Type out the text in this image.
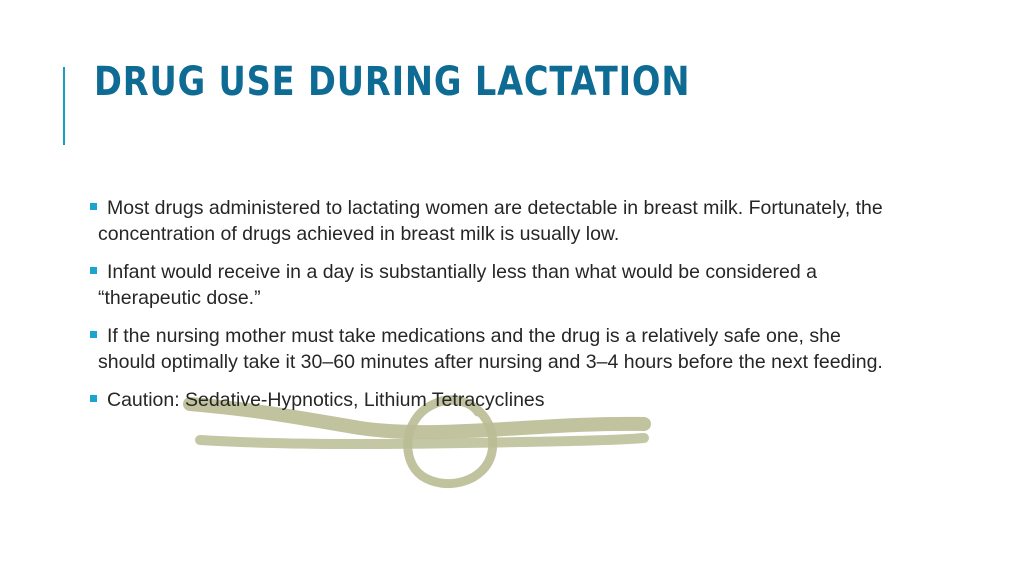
DRUG USE DURING LACTATION
Most drugs administered to lactating women are detectable in breast milk. Fortunately, the concentration of drugs achieved in breast milk is usually low.
Infant would receive in a day is substantially less than what would be considered a “therapeutic dose.”
If the nursing mother must take medications and the drug is a relatively safe one, she should optimally take it 30–60 minutes after nursing and 3–4 hours before the next feeding.
Caution: Sedative-Hypnotics, Lithium Tetracyclines
